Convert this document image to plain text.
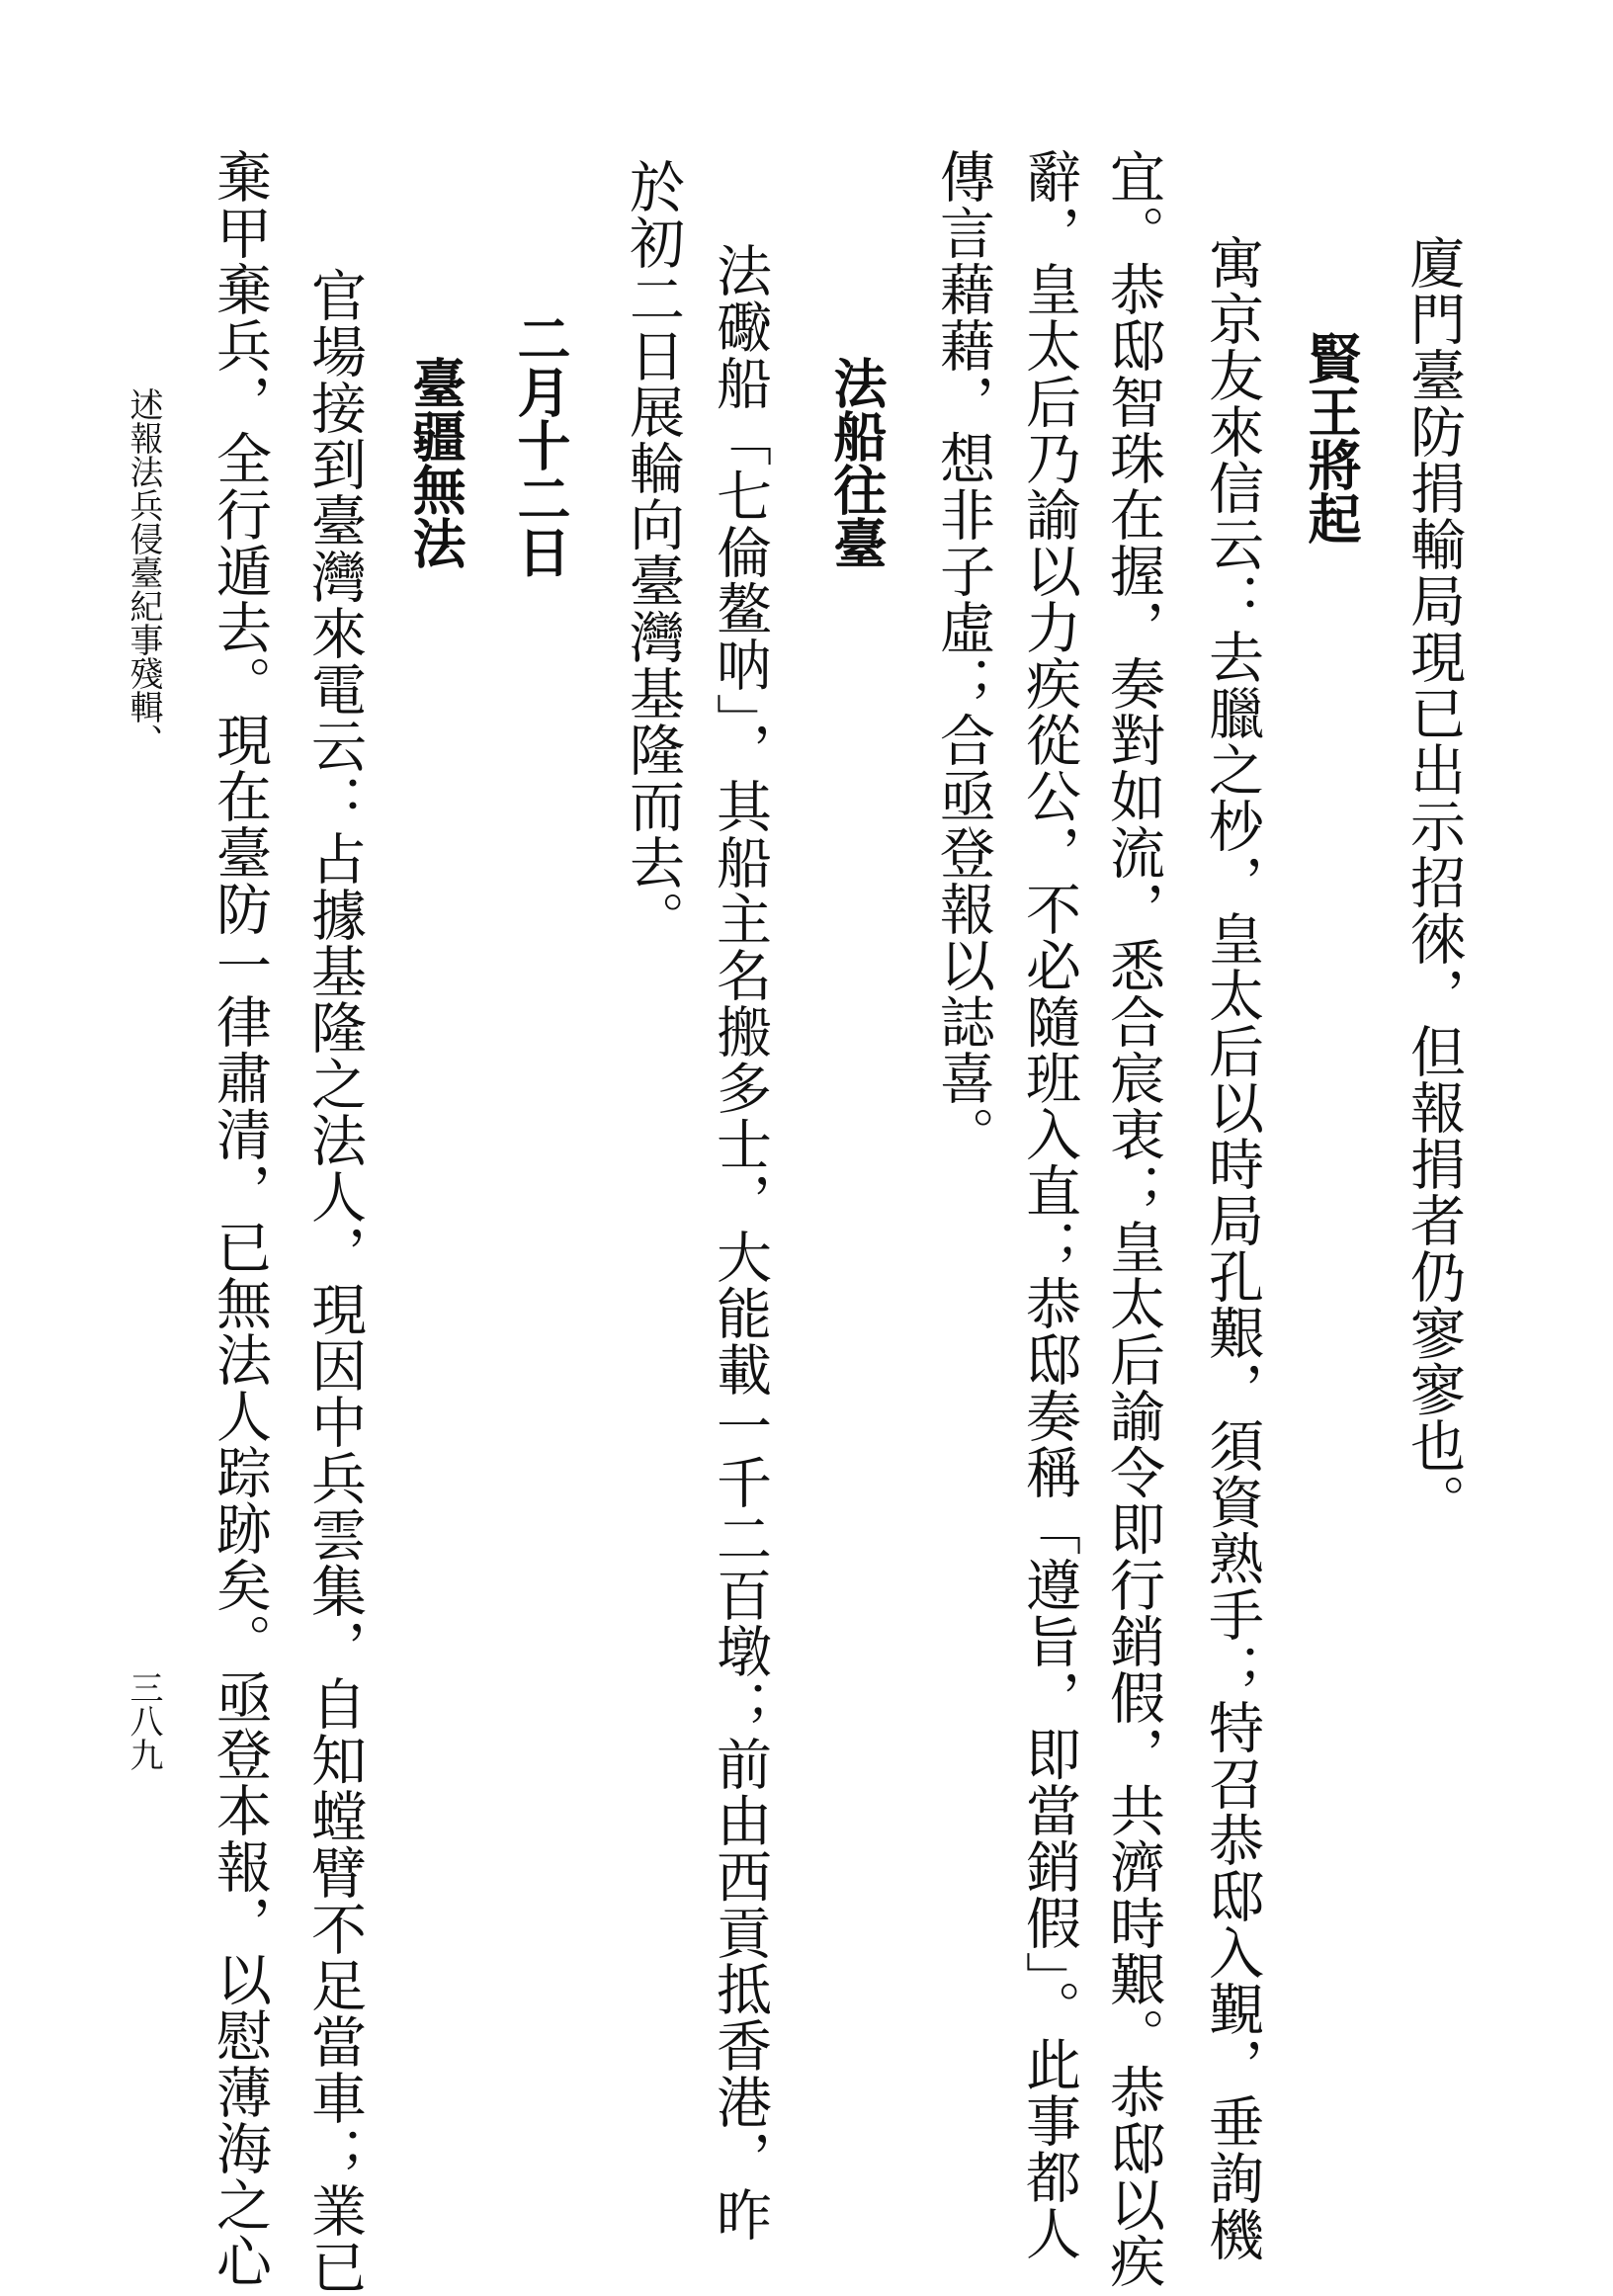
廈門臺防捐輸局現已出示招徠，但報捐者仍寥寥也。
賢王將起
寓京友來信云：去臘之杪，皇太后以時局孔艱，須資熟手；特召恭邸入覲，垂詢機
宜。恭邸智珠在握，奏對如流，悉合宸衷；皇太后諭令即行銷假，共濟時艱。恭邸以疾
辭，皇太后乃諭以力疾從公，不必隨班入直；恭邸奏稱「遵旨，即當銷假」。此事都人
傳言藉藉，想非子虛；合亟登報以誌喜。
法船往臺
法礮船「七倫鳌呐」，其船主名搬多士，大能載一千二百墩；前由西貢抵香港，昨
於初二日展輪向臺灣基隆而去。
二月十二日
臺疆無法
官場接到臺灣來電云：占據基隆之法人，現因中兵雲集，自知螳臂不足當車；業已
棄甲棄兵，全行遁去。現在臺防一律肅清，已無法人踪跡矣。亟登本報，以慰薄海之心
述報法兵侵臺紀事殘輯、
三八九
